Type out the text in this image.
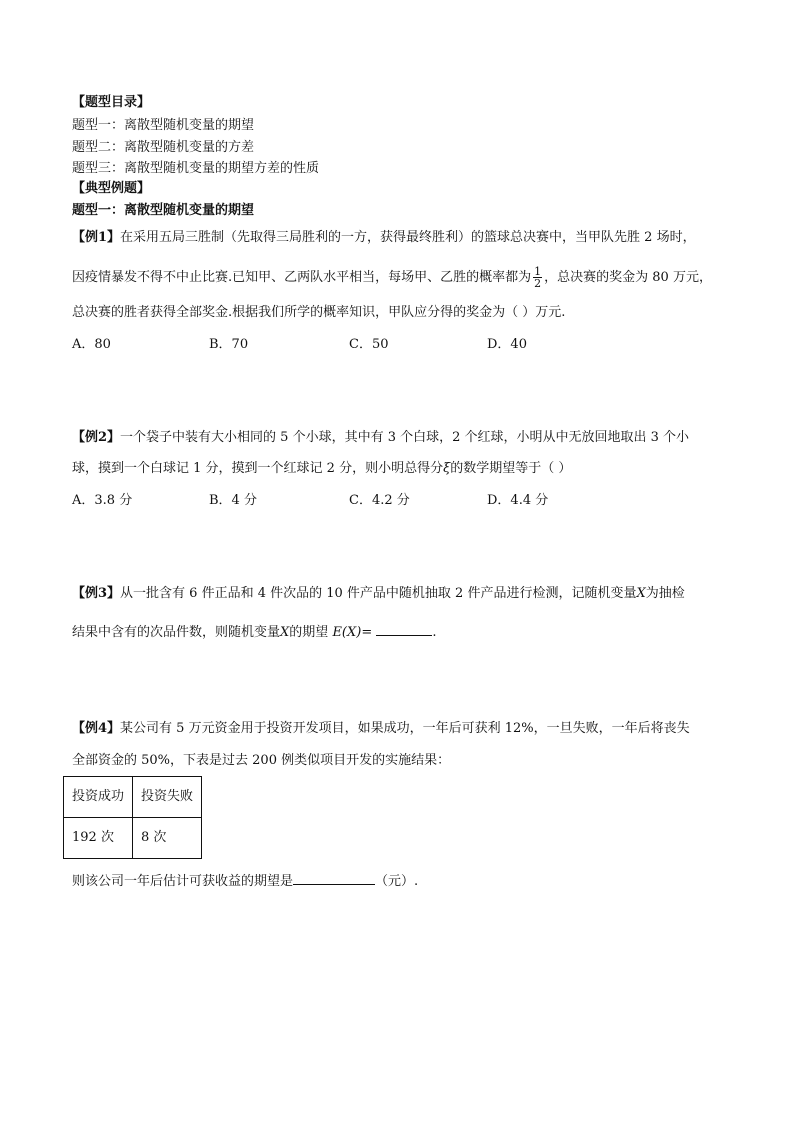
【题型目录】
题型一：离散型随机变量的期望
题型二：离散型随机变量的方差
题型三：离散型随机变量的期望方差的性质
【典型例题】
题型一：离散型随机变量的期望
【例1】在采用五局三胜制（先取得三局胜利的一方，获得最终胜利）的篮球总决赛中，当甲队先胜 2 场时，
因疫情暴发不得不中止比赛.已知甲、乙两队水平相当，每场甲、乙胜的概率都为 $\frac{1}{2}$ ，总决赛的奖金为 80 万元，
总决赛的胜者获得全部奖金.根据我们所学的概率知识，甲队应分得的奖金为（ ）万元.
A．80	B．70	C．50	D．40
【例2】一个袋子中装有大小相同的 5 个小球，其中有 3 个白球，2 个红球，小明从中无放回地取出 3 个小
球，摸到一个白球记 1 分，摸到一个红球记 2 分，则小明总得分ξ的数学期望等于（ ）
A．3.8 分	B．4 分	C．4.2 分	D．4.4 分
【例3】从一批含有 6 件正品和 4 件次品的 10 件产品中随机抽取 2 件产品进行检测，记随机变量X为抽检
结果中含有的次品件数，则随机变量X的期望 E(X)=	.
【例4】某公司有 5 万元资金用于投资开发项目，如果成功，一年后可获利 12%，一旦失败，一年后将丧失
全部资金的 50%，下表是过去 200 例类似项目开发的实施结果：
投资成功	投资失败
192 次	8 次
则该公司一年后估计可获收益的期望是	（元）.
